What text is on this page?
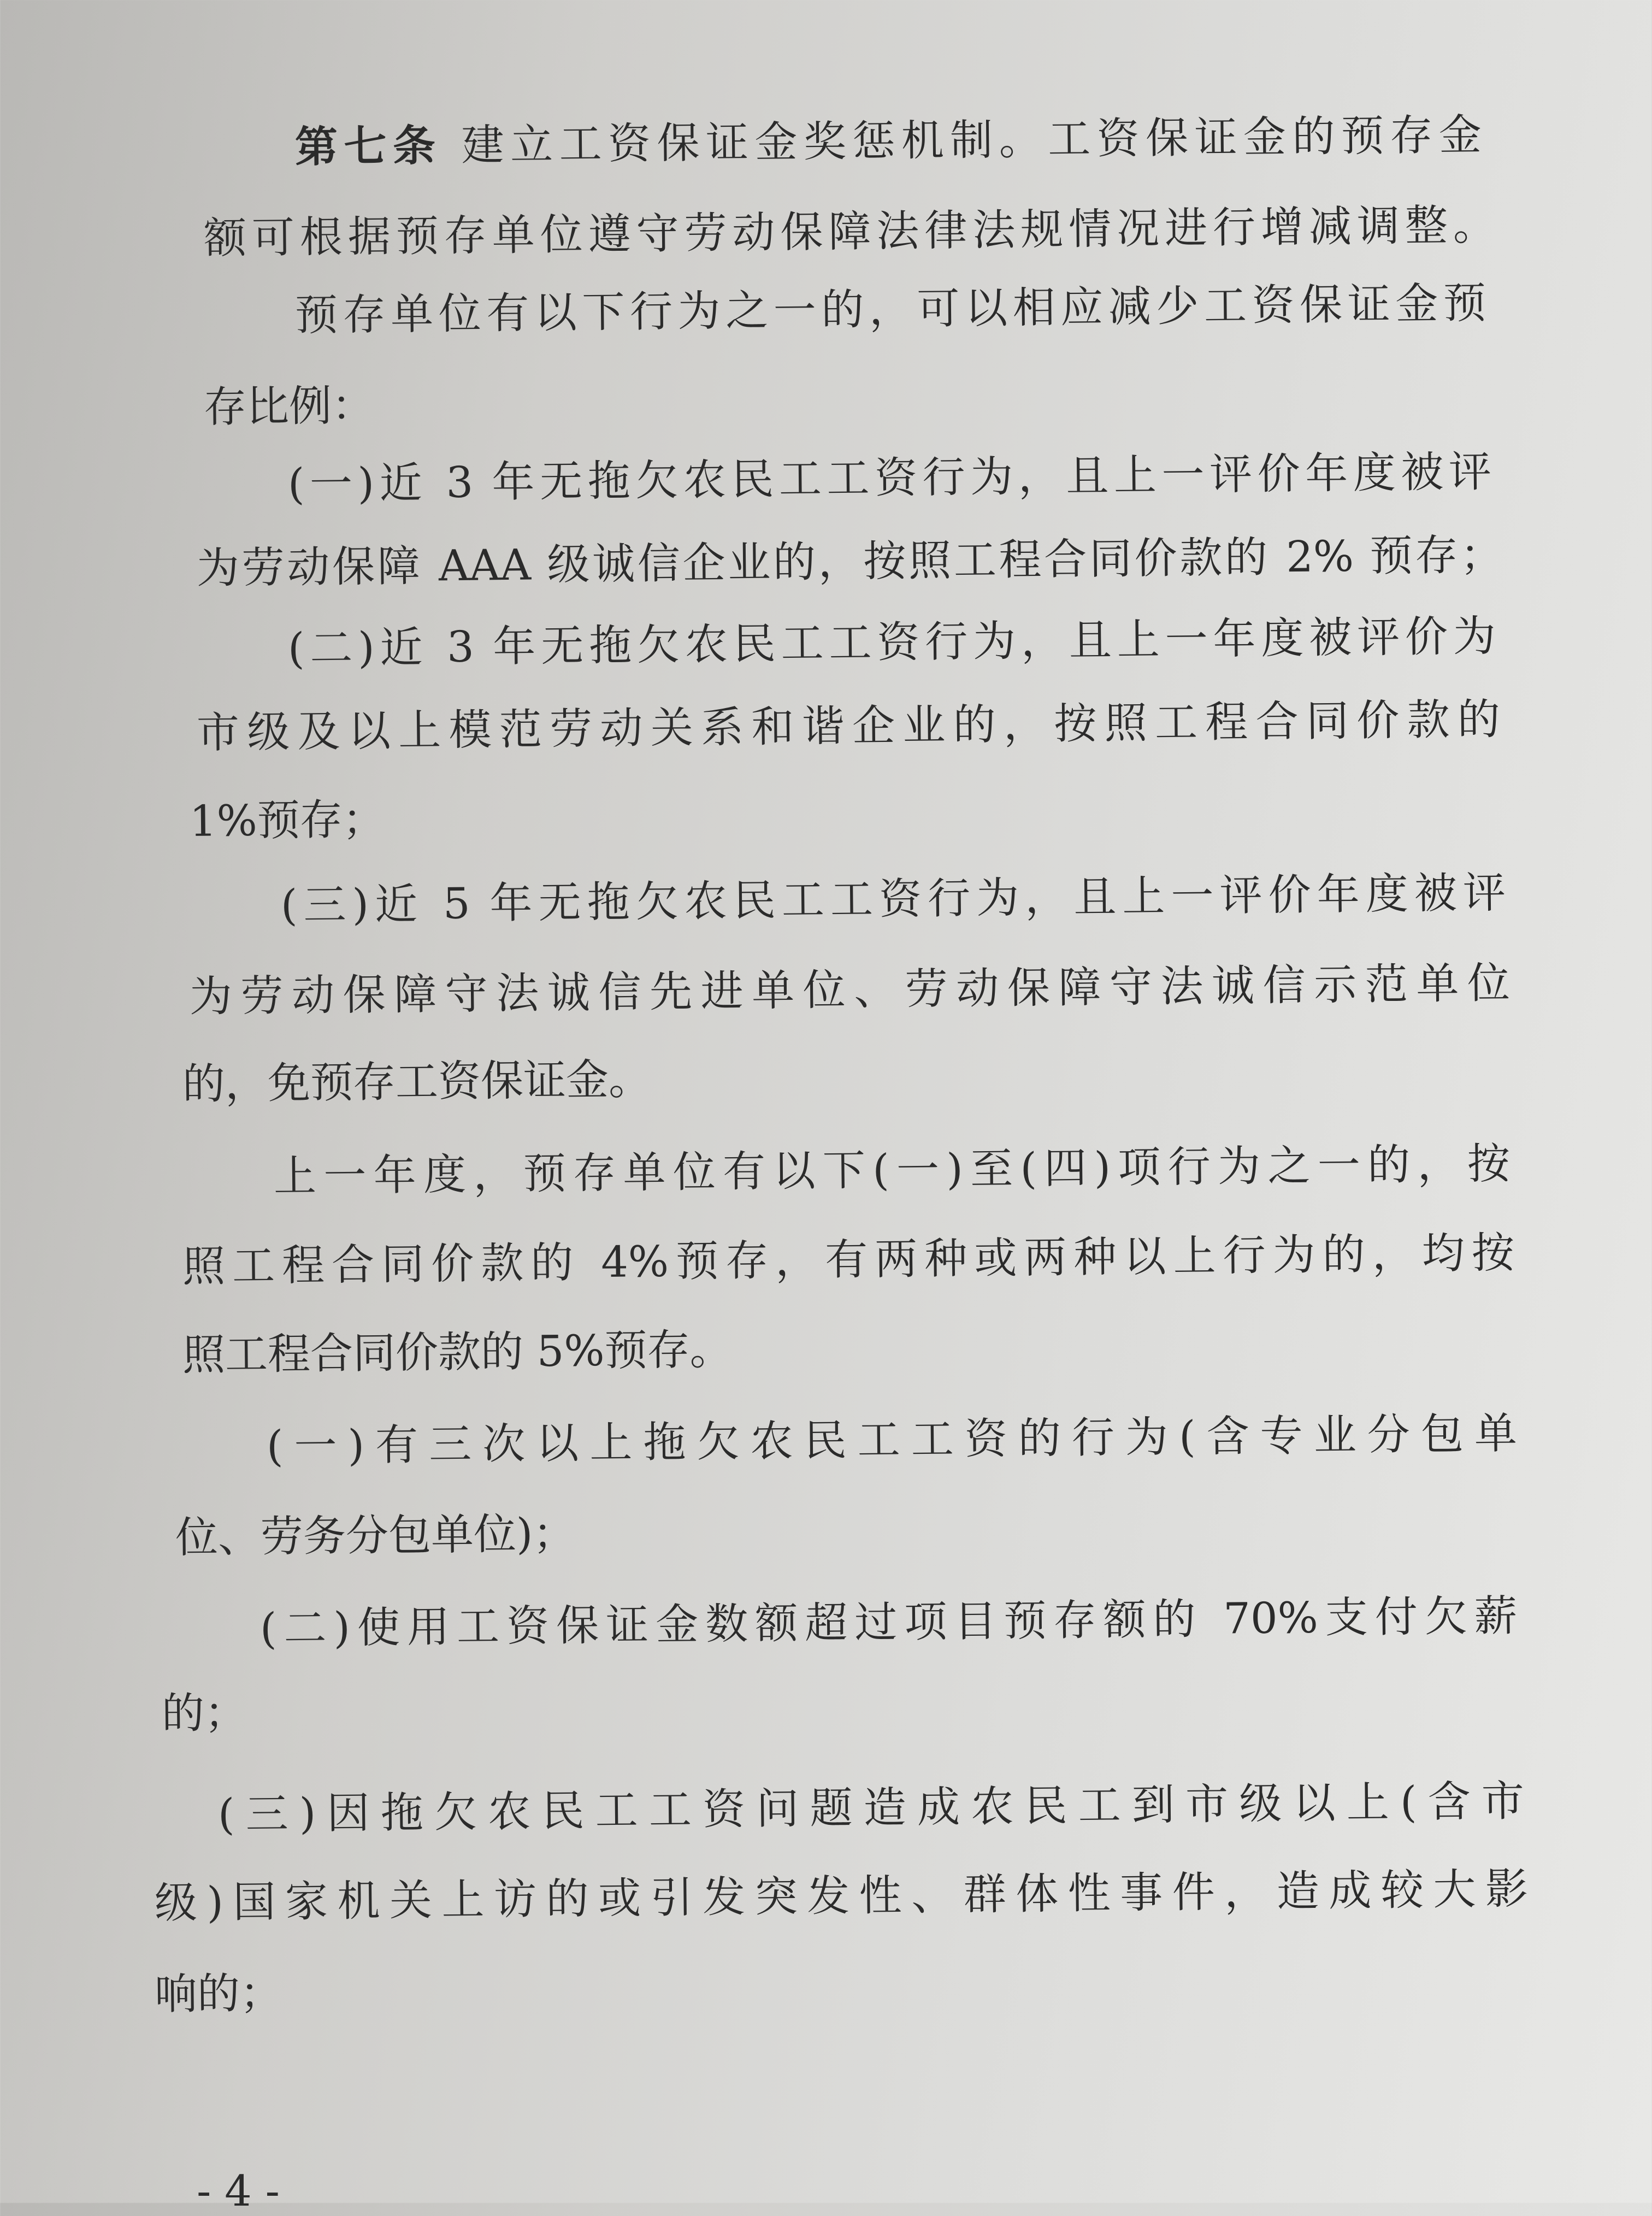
第七条 建立工资保证金奖惩机制。工资保证金的预存金
额可根据预存单位遵守劳动保障法律法规情况进行增减调整。
预存单位有以下行为之一的，可以相应减少工资保证金预
存比例：
(一)近 3 年无拖欠农民工工资行为，且上一评价年度被评
为劳动保障 AAA 级诚信企业的，按照工程合同价款的 2% 预存；
(二)近 3 年无拖欠农民工工资行为，且上一年度被评价为
市级及以上模范劳动关系和谐企业的，按照工程合同价款的
1%预存；
(三)近 5 年无拖欠农民工工资行为，且上一评价年度被评
为劳动保障守法诚信先进单位、劳动保障守法诚信示范单位
的，免预存工资保证金。
上一年度，预存单位有以下(一)至(四)项行为之一的，按
照工程合同价款的 4%预存，有两种或两种以上行为的，均按
照工程合同价款的 5%预存。
(一)有三次以上拖欠农民工工资的行为(含专业分包单
位、劳务分包单位)；
(二)使用工资保证金数额超过项目预存额的 70%支付欠薪
的；
(三)因拖欠农民工工资问题造成农民工到市级以上(含市
级)国家机关上访的或引发突发性、群体性事件，造成较大影
响的；
- 4 -
